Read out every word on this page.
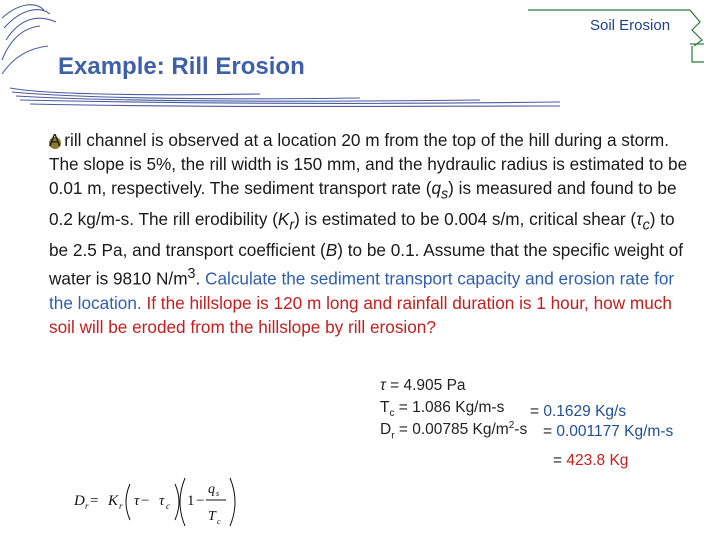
Soil Erosion
Example: Rill Erosion
A rill channel is observed at a location 20 m from the top of the hill during a storm. The slope is 5%, the rill width is 150 mm, and the hydraulic radius is estimated to be 0.01 m, respectively. The sediment transport rate $(q_s)$ is measured and found to be 0.2 kg/m-s. The rill erodibility $(K_r)$ is estimated to be 0.004 s/m, critical shear $(\tau_c)$ to be 2.5 Pa, and transport coefficient (B) to be 0.1. Assume that the specific weight of water is 9810 $N/m^3$. Calculate the sediment transport capacity and erosion rate for the location. If the hillslope is 120 m long and rainfall duration is 1 hour, how much soil will be eroded from the hillslope by rill erosion?
τ = 4.905 Pa
$T_c = 1.086$ Kg/m-s = 0.1629 Kg/s
$D_r = 0.00785$ $Kg/m^2-s = 0.001177$ Kg/m-s
= 423.8 Kg
D r = K r τ − τ c 1 −
q s
T c
